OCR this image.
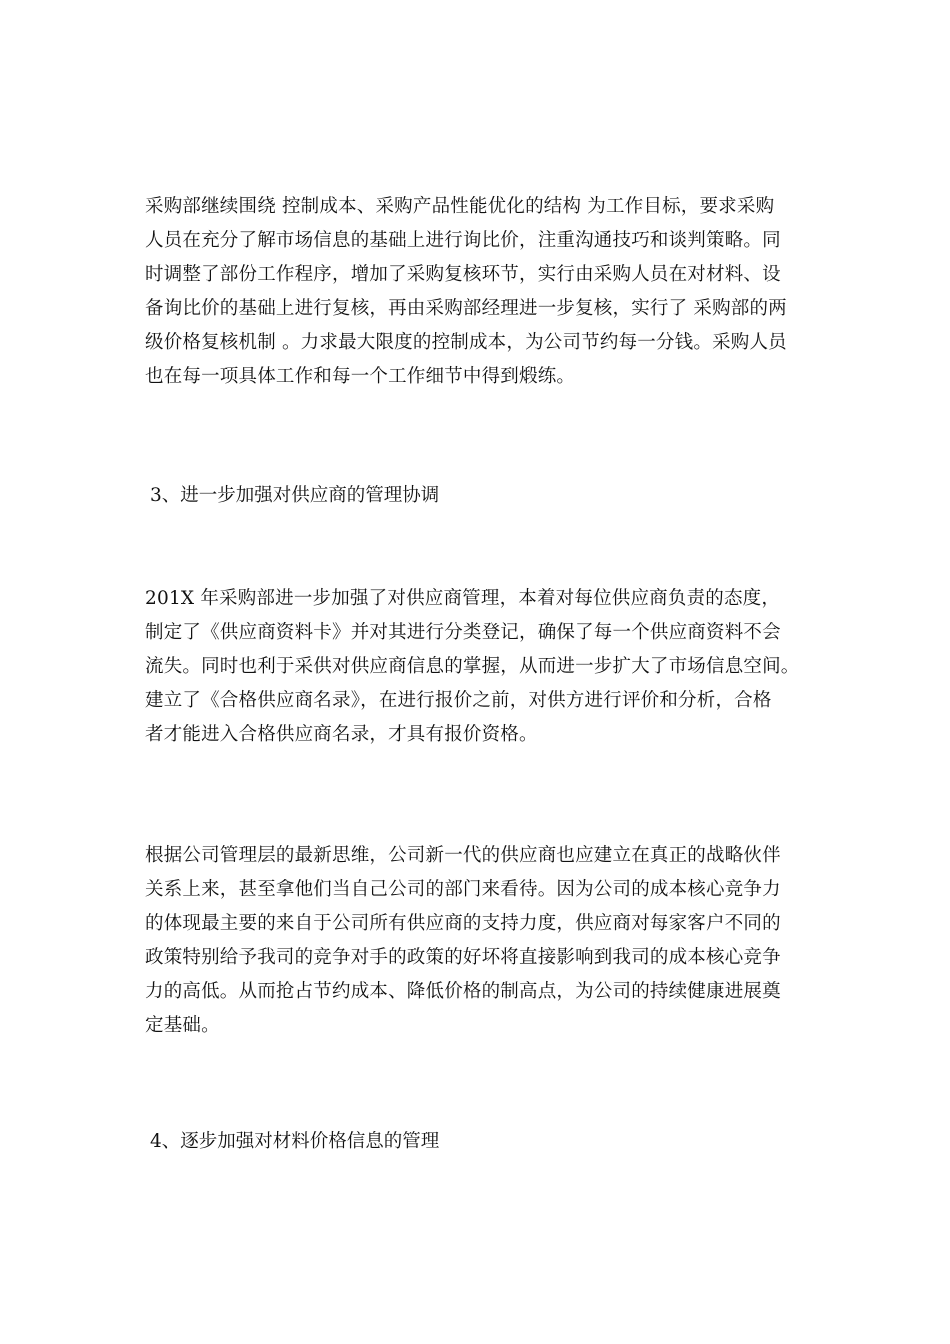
采购部继续围绕 控制成本、采购产品性能优化的结构 为工作目标，要求采购
人员在充分了解市场信息的基础上进行询比价，注重沟通技巧和谈判策略。同
时调整了部份工作程序，增加了采购复核环节，实行由采购人员在对材料、设
备询比价的基础上进行复核，再由采购部经理进一步复核，实行了 采购部的两
级价格复核机制 。力求最大限度的控制成本，为公司节约每一分钱。采购人员
也在每一项具体工作和每一个工作细节中得到煅练。
3、进一步加强对供应商的管理协调
201X 年采购部进一步加强了对供应商管理，本着对每位供应商负责的态度，
制定了《供应商资料卡》并对其进行分类登记，确保了每一个供应商资料不会
流失。同时也利于采供对供应商信息的掌握，从而进一步扩大了市场信息空间。
建立了《合格供应商名录》，在进行报价之前，对供方进行评价和分析，合格
者才能进入合格供应商名录，才具有报价资格。
根据公司管理层的最新思维，公司新一代的供应商也应建立在真正的战略伙伴
关系上来，甚至拿他们当自己公司的部门来看待。因为公司的成本核心竞争力
的体现最主要的来自于公司所有供应商的支持力度，供应商对每家客户不同的
政策特别给予我司的竞争对手的政策的好坏将直接影响到我司的成本核心竞争
力的高低。从而抢占节约成本、降低价格的制高点，为公司的持续健康进展奠
定基础。
4、逐步加强对材料价格信息的管理
